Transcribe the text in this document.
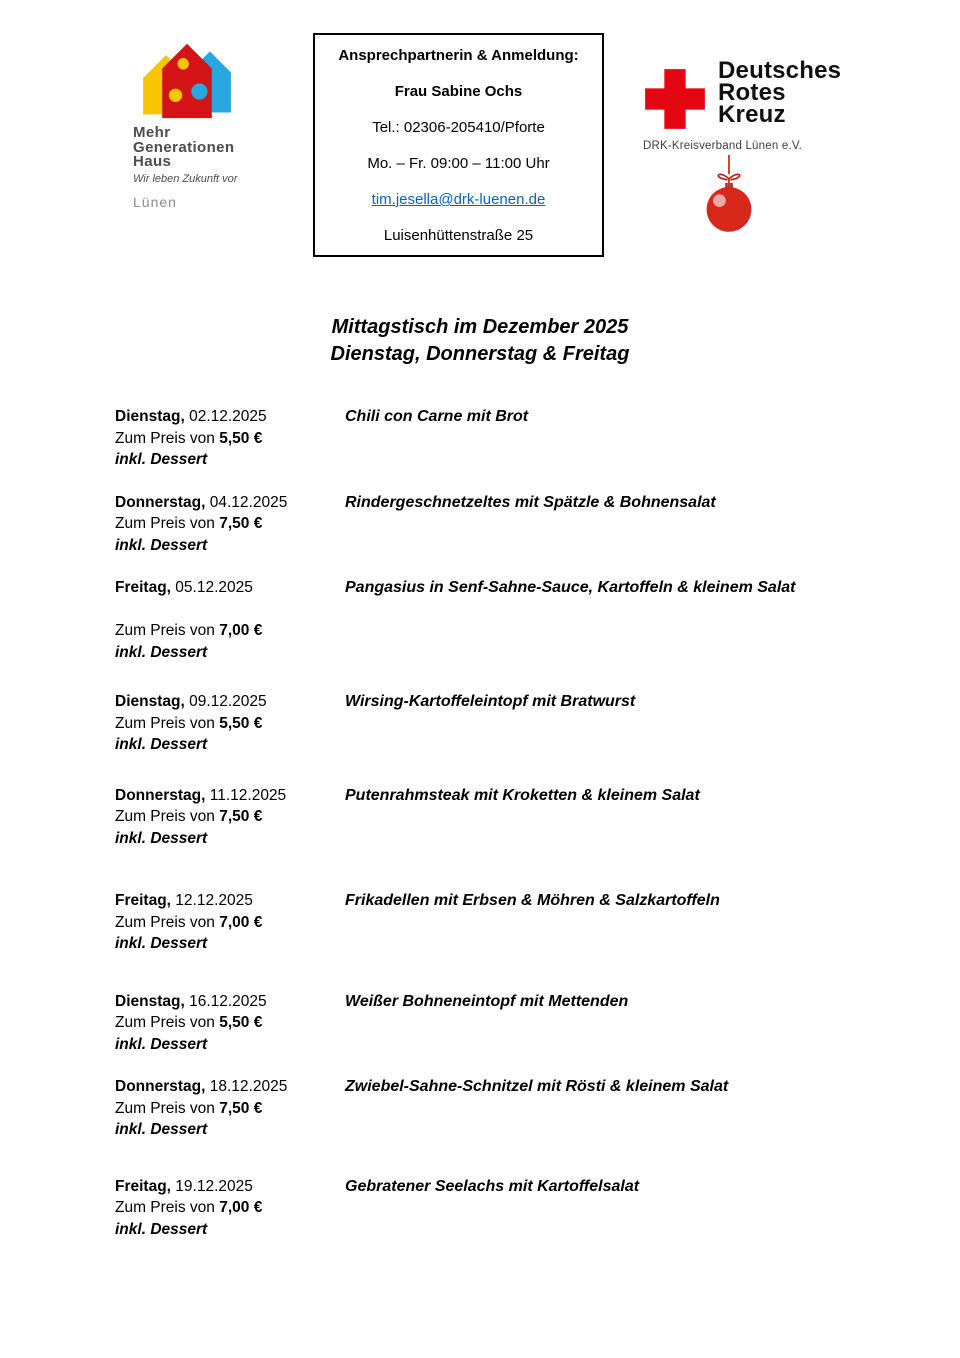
Mehr
Generationen
Haus
Wir leben Zukunft vor
Lünen

Ansprechpartnerin & Anmeldung:

Frau Sabine Ochs

Tel.: 02306-205410/Pforte

Mo. – Fr. 09:00 – 11:00 Uhr

tim.jesella@drk-luenen.de

Luisenhüttenstraße 25

Deutsches
Rotes
Kreuz
DRK-Kreisverband Lünen e.V.
Mittagstisch im Dezember 2025
Dienstag, Donnerstag & Freitag
Dienstag, 02.12.2025
Zum Preis von 5,50 €
inkl. Dessert
Chili con Carne mit Brot
Donnerstag, 04.12.2025
Zum Preis von 7,50 €
inkl. Dessert
Rindergeschnetzeltes mit Spätzle & Bohnensalat
Freitag, 05.12.2025
Zum Preis von 7,00 €
inkl. Dessert
Pangasius in Senf-Sahne-Sauce, Kartoffeln & kleinem Salat
Dienstag, 09.12.2025
Zum Preis von 5,50 €
inkl. Dessert
Wirsing-Kartoffeleintopf mit Bratwurst
Donnerstag, 11.12.2025
Zum Preis von 7,50 €
inkl. Dessert
Putenrahmsteak mit Kroketten & kleinem Salat
Freitag, 12.12.2025
Zum Preis von 7,00 €
inkl. Dessert
Frikadellen mit Erbsen & Möhren & Salzkartoffeln
Dienstag, 16.12.2025
Zum Preis von 5,50 €
inkl. Dessert
Weißer Bohneneintopf mit Mettenden
Donnerstag, 18.12.2025
Zum Preis von 7,50 €
inkl. Dessert
Zwiebel-Sahne-Schnitzel mit Rösti & kleinem Salat
Freitag, 19.12.2025
Zum Preis von 7,00 €
inkl. Dessert
Gebratener Seelachs mit Kartoffelsalat
